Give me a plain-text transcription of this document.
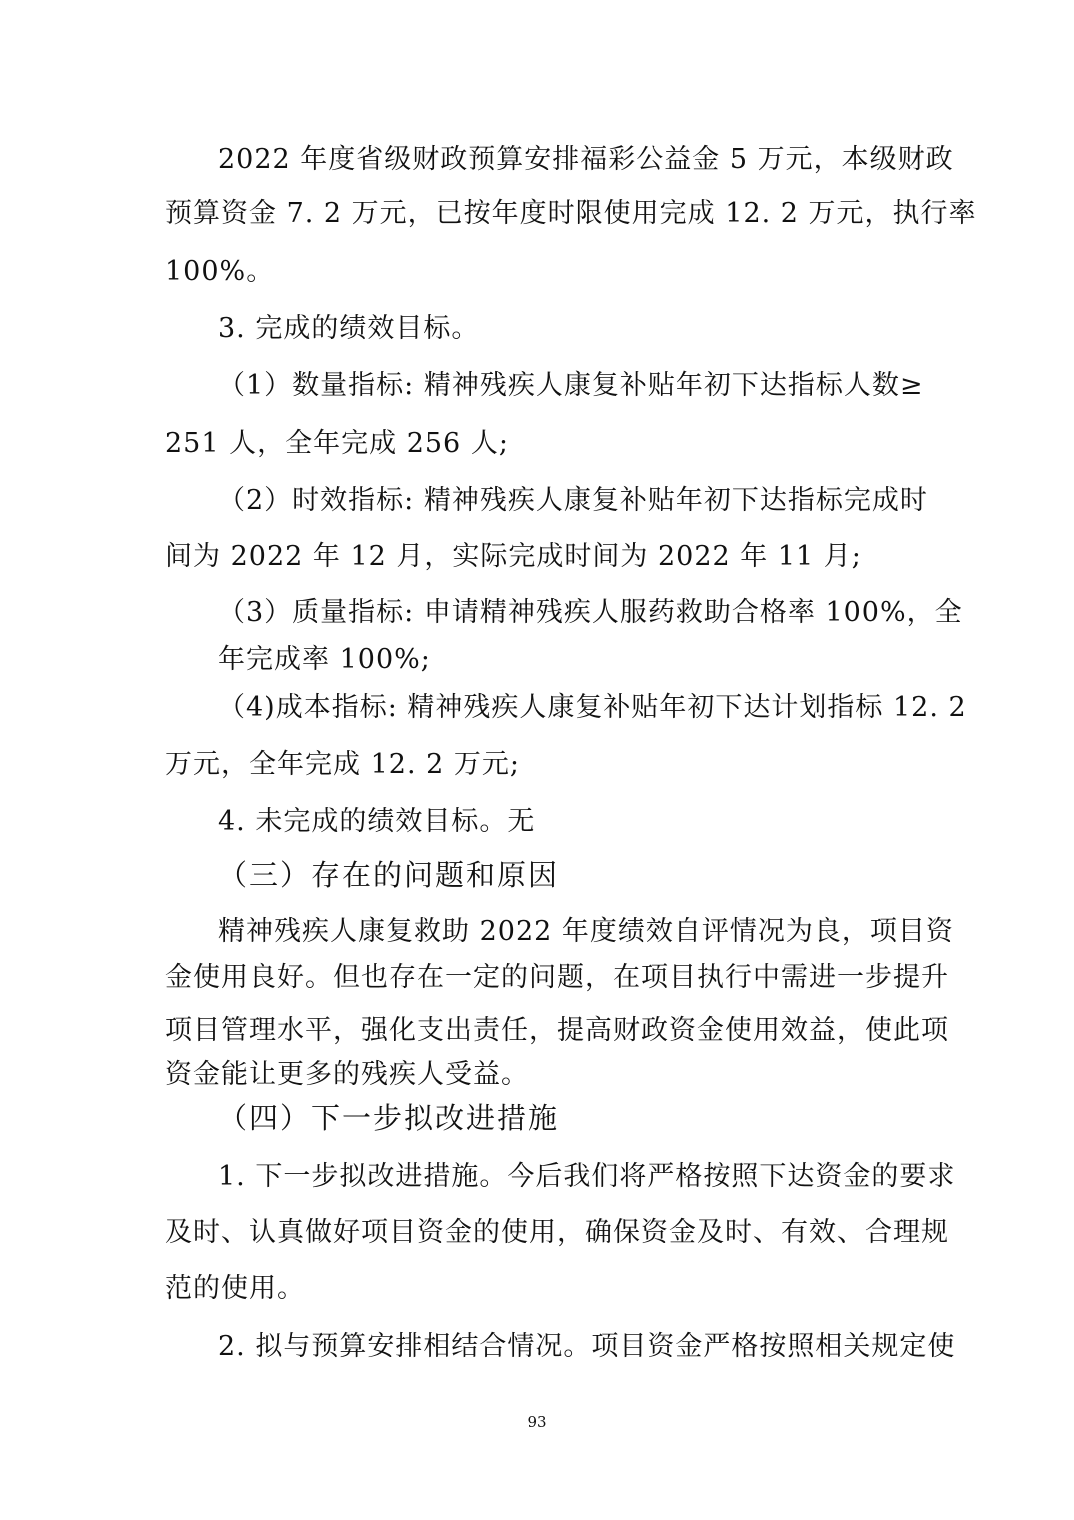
2022 年度省级财政预算安排福彩公益金 5 万元，本级财政
预算资金 7. 2 万元，已按年度时限使用完成 12. 2 万元，执行率
100%。
3. 完成的绩效目标。
（1）数量指标: 精神残疾人康复补贴年初下达指标人数≥
251 人，全年完成 256 人;
（2）时效指标: 精神残疾人康复补贴年初下达指标完成时
间为 2022 年 12 月，实际完成时间为 2022 年 11 月;
（3）质量指标: 申请精神残疾人服药救助合格率 100%，全
年完成率 100%;
（4)成本指标: 精神残疾人康复补贴年初下达计划指标 12. 2
万元，全年完成 12. 2 万元;
4. 未完成的绩效目标。无
（三）存在的问题和原因
精神残疾人康复救助 2022 年度绩效自评情况为良，项目资
金使用良好。但也存在一定的问题，在项目执行中需进一步提升
项目管理水平，强化支出责任，提高财政资金使用效益，使此项
资金能让更多的残疾人受益。
（四）下一步拟改进措施
1. 下一步拟改进措施。今后我们将严格按照下达资金的要求
及时、认真做好项目资金的使用，确保资金及时、有效、合理规
范的使用。
2. 拟与预算安排相结合情况。项目资金严格按照相关规定使
93
